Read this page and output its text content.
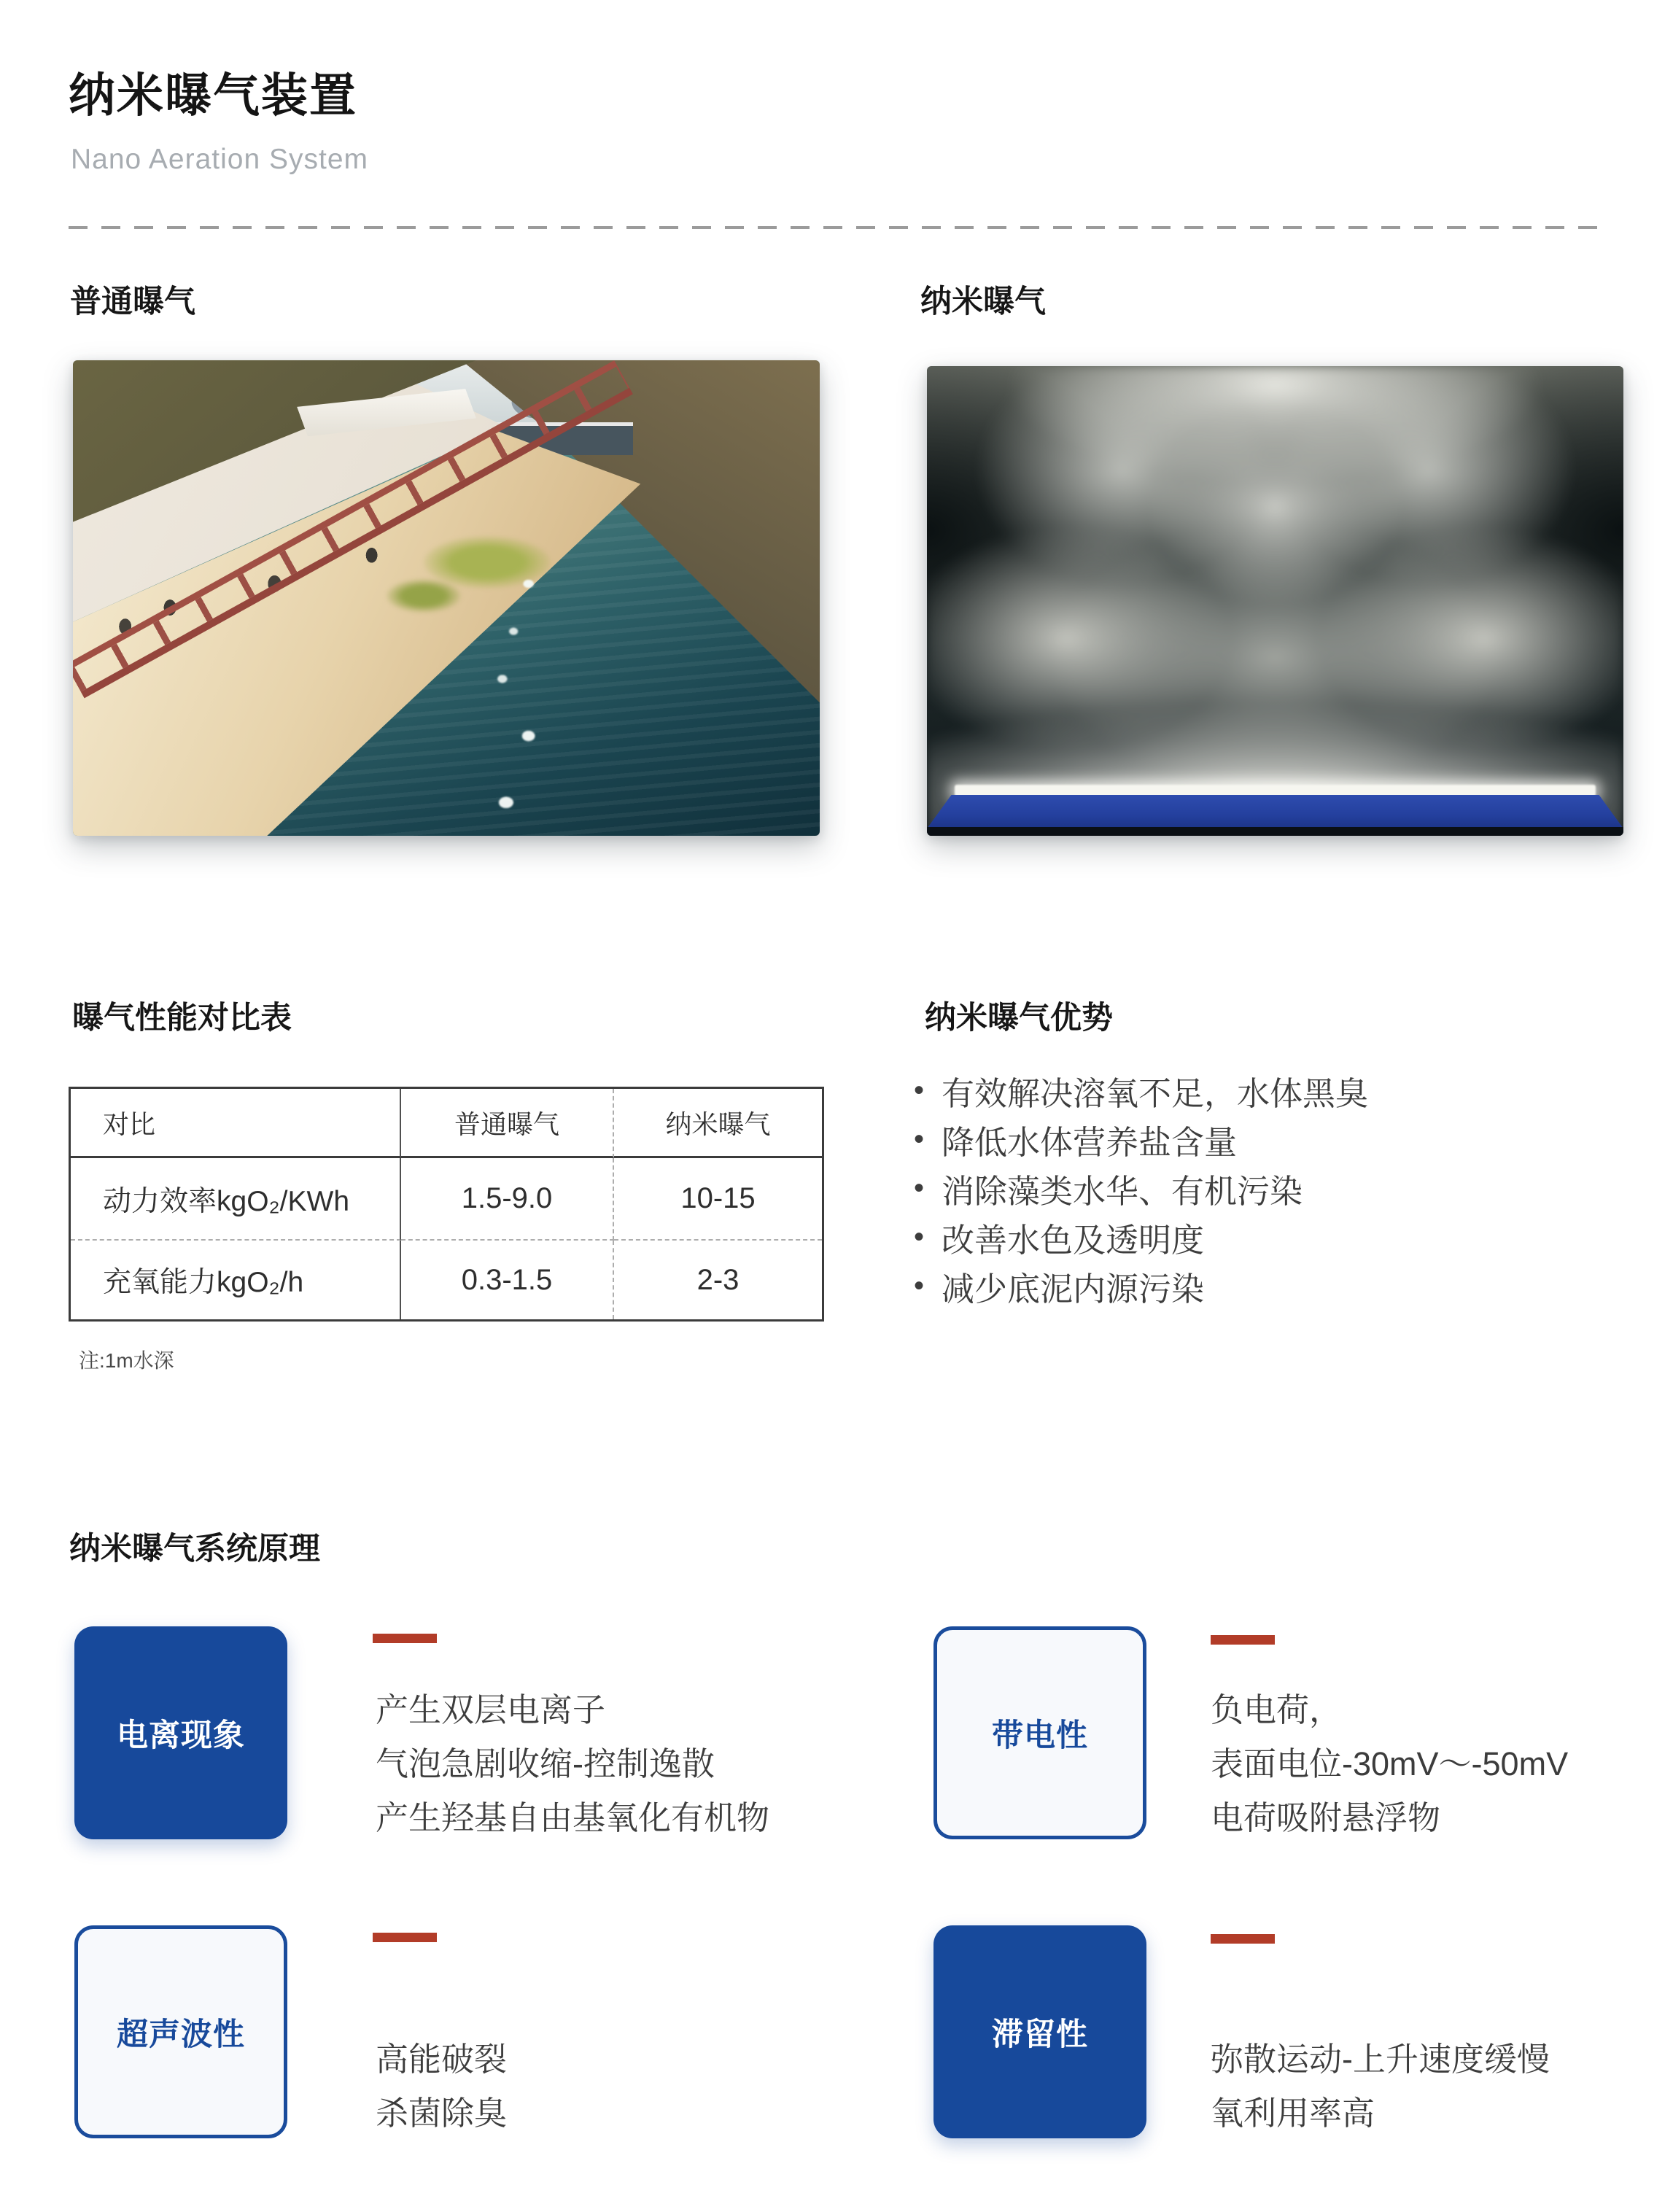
纳米曝气装置
Nano Aeration System
普通曝气	纳米曝气
曝气性能对比表	纳米曝气优势
对比	普通曝气	纳米曝气
动力效率kgO₂/KWh	1.5-9.0	10-15
充氧能力kgO₂/h	0.3-1.5	2-3
注:1m水深
• 有效解决溶氧不足，水体黑臭
• 降低水体营养盐含量
• 消除藻类水华、有机污染
• 改善水色及透明度
• 减少底泥内源污染
纳米曝气系统原理
电离现象
产生双层电离子
气泡急剧收缩-控制逸散
产生羟基自由基氧化有机物
带电性
负电荷，
表面电位-30mV～-50mV
电荷吸附悬浮物
超声波性
高能破裂
杀菌除臭
滞留性
弥散运动-上升速度缓慢
氧利用率高
